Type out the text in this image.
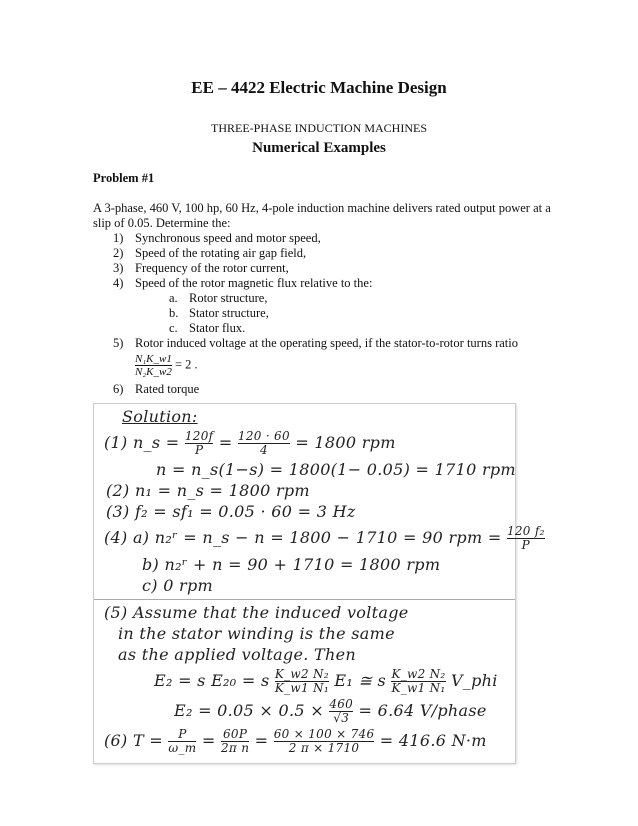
EE – 4422 Electric Machine Design
THREE-PHASE INDUCTION MACHINES
Numerical Examples
Problem #1
A 3-phase, 460 V, 100 hp, 60 Hz, 4-pole induction machine delivers rated output power at a slip of 0.05. Determine the:
1) Synchronous speed and motor speed,
2) Speed of the rotating air gap field,
3) Frequency of the rotor current,
4) Speed of the rotor magnetic flux relative to the:
a. Rotor structure,
b. Stator structure,
c. Stator flux.
5) Rotor induced voltage at the operating speed, if the stator-to-rotor turns ratio
$\frac{\text{N₁K\_w1}}{\text{N₂K\_w2}} = 2$ .
6) Rated torque
Solution:
(1) n_s = $\frac{120f}{P} = \frac{120 \cdot 60}{4} = 1800$ rpm
n = n_s(1−s) = 1800(1− 0.05) = 1710 rpm
(2) n₁ = n_s = 1800 rpm
(3) f₂ = sf₁ = 0.05 · 60 = 3 Hz
(4) a) n₂ʳ = n_s − n = 1800 − 1710 = 90 rpm = $\frac{\text{120 f₂}}{P}$
b) n₂ʳ + n = 90 + 1710 = 1800 rpm
c) 0 rpm
(5) Assume that the induced voltage
in the stator winding is the same
as the applied voltage. Then
E₂ = s E₂₀ = s $\frac{\text{K\_w2 N₂}}{\text{K\_w1 N₁}} E_1$ ≅ s $\frac{\text{K\_w2 N₂}}{\text{K\_w1 N₁}}$ V_phi
$E_2 = 0.05 \times 0.5 \times \frac{460}{√3} = 6.64$ V/phase
(6) $T = \frac{P}{\omega\_m} = \frac{60P}{\text{2π n}} = \frac{60 \times 100 \times 746}{2 \pi \times 1710} = 416.6$ N·m
